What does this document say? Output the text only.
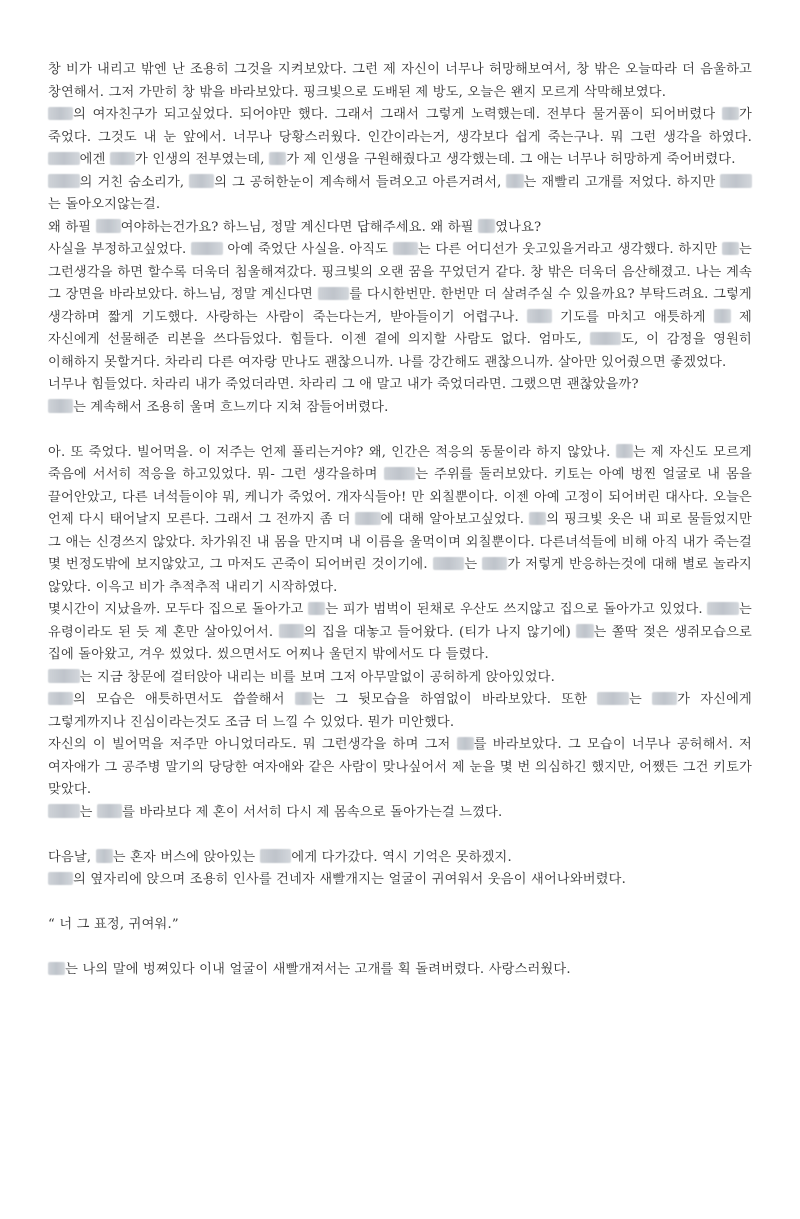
창 비가 내리고 밖엔 난 조용히 그것을 지켜보았다. 그런 제 자신이 너무나 허망해보여서, 창 밖은 오늘따라 더 음울하고 창연해서. 그저 가만히 창 밖을 바라보았다. 핑크빛으로 도배된 제 방도, 오늘은 왠지 모르게 삭막해보였다.

의 여자친구가 되고싶었다. 되어야만 했다. 그래서 그래서 그렇게 노력했는데. 전부다 물거품이 되어버렸다 가 죽었다. 그것도 내 눈 앞에서. 너무나 당황스러웠다. 인간이라는거, 생각보다 쉽게 죽는구나. 뭐 그런 생각을 하였다. 에겐 가 인생의 전부였는데, 가 제 인생을 구원해줬다고 생각했는데. 그 애는 너무나 허망하게 죽어버렸다.

의 거친 숨소리가, 의 그 공허한눈이 계속해서 들려오고 아른거려서, 는 재빨리 고개를 저었다. 하지만 는 돌아오지않는걸.

왜 하필 여야하는건가요? 하느님, 정말 계신다면 답해주세요. 왜 하필 였나요?

사실을 부정하고싶었다.  아예 죽었단 사실을. 아직도 는 다른 어디선가 웃고있을거라고 생각했다. 하지만 는 그런생각을 하면 할수록 더욱더 침울해져갔다. 핑크빛의 오랜 꿈을 꾸었던거 같다. 창 밖은 더욱더 음산해졌고. 나는 계속 그 장면을 바라보았다. 하느님, 정말 계신다면 를 다시한번만. 한번만 더 살려주실 수 있을까요? 부탁드려요. 그렇게 생각하며 짧게 기도했다. 사랑하는 사람이 죽는다는거, 받아들이기 어렵구나.  기도를 마치고 애틋하게  제 자신에게 선물해준 리본을 쓰다듬었다. 힘들다. 이젠 곁에 의지할 사람도 없다. 엄마도, 도, 이 감정을 영원히 이해하지 못할거다. 차라리 다른 여자랑 만나도 괜찮으니까. 나를 강간해도 괜찮으니까. 살아만 있어줬으면 좋겠었다.

너무나 힘들었다. 차라리 내가 죽었더라면. 차라리 그 애 말고 내가 죽었더라면. 그랬으면 괜찮았을까?

는 계속해서 조용히 울며 흐느끼다 지쳐 잠들어버렸다.

아. 또 죽었다. 빌어먹을. 이 저주는 언제 풀리는거야? 왜, 인간은 적응의 동물이라 하지 않았나. 는 제 자신도 모르게 죽음에 서서히 적응을 하고있었다. 뭐- 그런 생각을하며 는 주위를 둘러보았다. 키토는 아예 벙찐 얼굴로 내 몸을 끌어안았고, 다른 녀석들이야 뭐, 케니가 죽었어. 개자식들아! 만 외칠뿐이다. 이젠 아예 고정이 되어버린 대사다. 오늘은 언제 다시 태어날지 모른다. 그래서 그 전까지 좀 더 에 대해 알아보고싶었다. 의 핑크빛 옷은 내 피로 물들었지만 그 애는 신경쓰지 않았다. 차가워진 내 몸을 만지며 내 이름을 울먹이며 외칠뿐이다. 다른녀석들에 비해 아직 내가 죽는걸 몇 번정도밖에 보지않았고, 그 마저도 곤죽이 되어버린 것이기에. 는 가 저렇게 반응하는것에 대해 별로 놀라지 않았다. 이윽고 비가 추적추적 내리기 시작하였다.

몇시간이 지났을까. 모두다 집으로 돌아가고 는 피가 범벅이 된채로 우산도 쓰지않고 집으로 돌아가고 있었다. 는 유령이라도 된 듯 제 혼만 살아있어서. 의 집을 대놓고 들어왔다. (티가 나지 않기에) 는 쫄딱 젖은 생쥐모습으로 집에 돌아왔고, 겨우 씼었다. 씼으면서도 어찌나 울던지 밖에서도 다 들렸다.

는 지금 창문에 걸터앉아 내리는 비를 보며 그저 아무말없이 공허하게 앉아있었다.

의 모습은 애틋하면서도 씁쓸해서 는 그 뒷모습을 하염없이 바라보았다. 또한 는 가 자신에게 그렇게까지나 진심이라는것도 조금 더 느낄 수 있었다. 뭔가 미안했다.

자신의 이 빌어먹을 저주만 아니었더라도. 뭐 그런생각을 하며 그저 를 바라보았다. 그 모습이 너무나 공허해서. 저 여자애가 그 공주병 말기의 당당한 여자애와 같은 사람이 맞나싶어서 제 눈을 몇 번 의심하긴 했지만, 어쨌든 그건 키토가 맞았다.

는 를 바라보다 제 혼이 서서히 다시 제 몸속으로 돌아가는걸 느꼈다.

다음날, 는 혼자 버스에 앉아있는 에게 다가갔다. 역시 기억은 못하겠지.

의 옆자리에 앉으며 조용히 인사를 건네자 새빨개지는 얼굴이 귀여워서 웃음이 새어나와버렸다.

“ 너 그 표정, 귀여워.”

는 나의 말에 벙쪄있다 이내 얼굴이 새빨개져서는 고개를 획 돌려버렸다. 사랑스러웠다.
